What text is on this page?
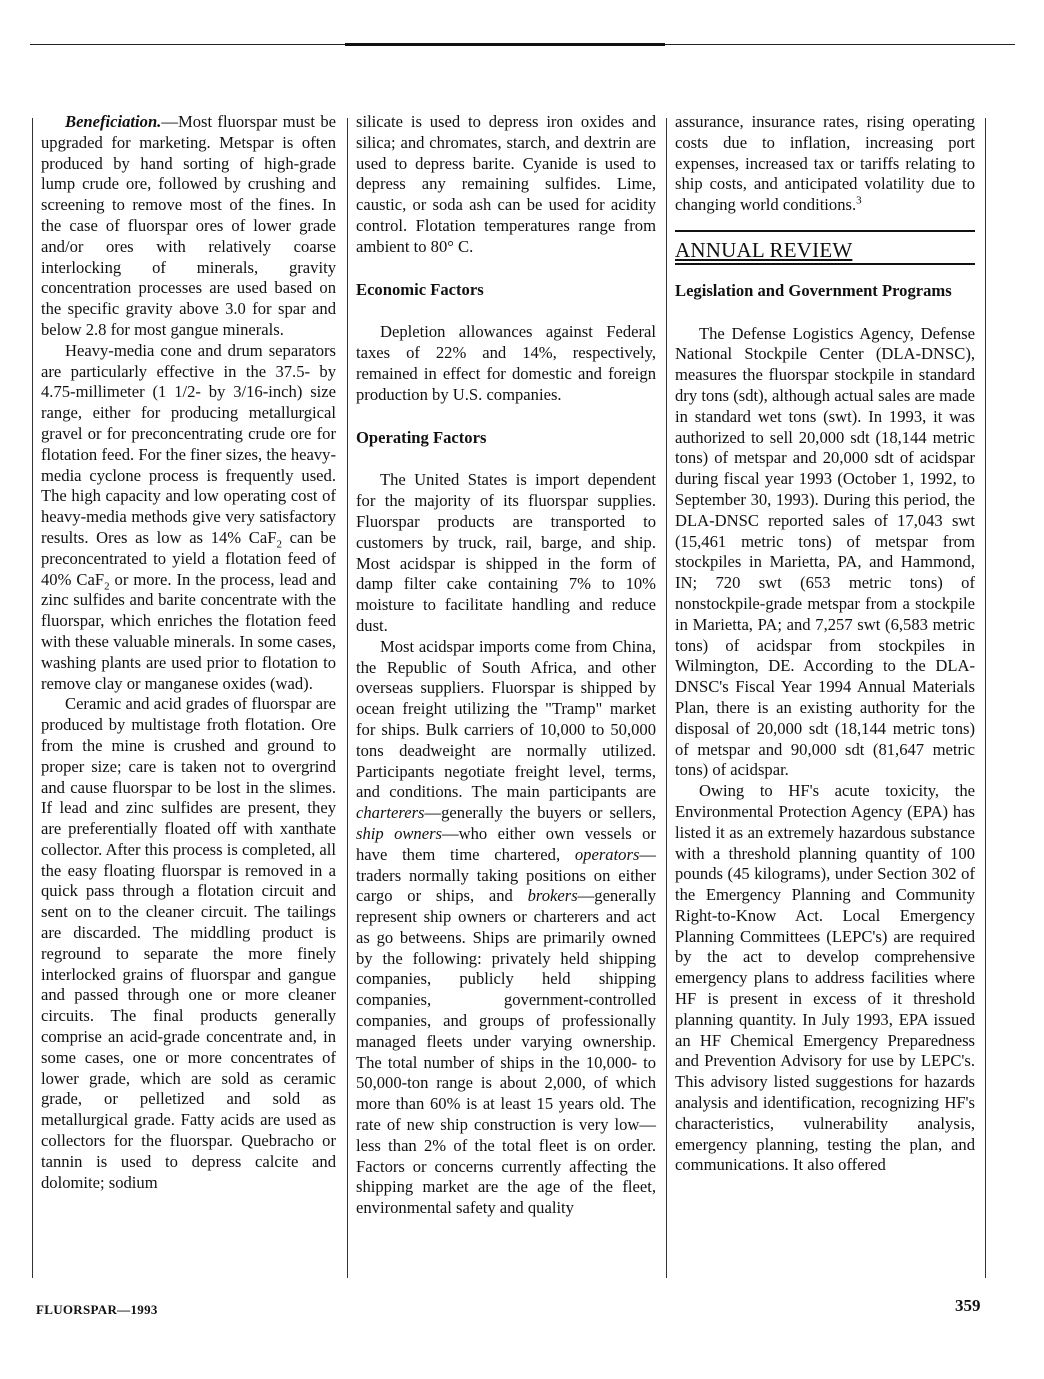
Beneficiation.—Most fluorspar must be upgraded for marketing. Metspar is often produced by hand sorting of high-grade lump crude ore, followed by crushing and screening to remove most of the fines. In the case of fluorspar ores of lower grade and/or ores with relatively coarse interlocking of minerals, gravity concentration processes are used based on the specific gravity above 3.0 for spar and below 2.8 for most gangue minerals.

Heavy-media cone and drum separators are particularly effective in the 37.5- by 4.75-millimeter (1 1/2- by 3/16-inch) size range, either for producing metallurgical gravel or for preconcentrating crude ore for flotation feed. For the finer sizes, the heavy-media cyclone process is frequently used. The high capacity and low operating cost of heavy-media methods give very satisfactory results. Ores as low as 14% CaF$_2$ can be preconcentrated to yield a flotation feed of 40% CaF$_2$ or more. In the process, lead and zinc sulfides and barite concentrate with the fluorspar, which enriches the flotation feed with these valuable minerals. In some cases, washing plants are used prior to flotation to remove clay or manganese oxides (wad).

Ceramic and acid grades of fluorspar are produced by multistage froth flotation. Ore from the mine is crushed and ground to proper size; care is taken not to overgrind and cause fluorspar to be lost in the slimes. If lead and zinc sulfides are present, they are preferentially floated off with xanthate collector. After this process is completed, all the easy floating fluorspar is removed in a quick pass through a flotation circuit and sent on to the cleaner circuit. The tailings are discarded. The middling product is reground to separate the more finely interlocked grains of fluorspar and gangue and passed through one or more cleaner circuits. The final products generally comprise an acid-grade concentrate and, in some cases, one or more concentrates of lower grade, which are sold as ceramic grade, or pelletized and sold as metallurgical grade. Fatty acids are used as collectors for the fluorspar. Quebracho or tannin is used to depress calcite and dolomite; sodium

silicate is used to depress iron oxides and silica; and chromates, starch, and dextrin are used to depress barite. Cyanide is used to depress any remaining sulfides. Lime, caustic, or soda ash can be used for acidity control. Flotation temperatures range from ambient to 80° C.

Economic Factors

Depletion allowances against Federal taxes of 22% and 14%, respectively, remained in effect for domestic and foreign production by U.S. companies.

Operating Factors

The United States is import dependent for the majority of its fluorspar supplies. Fluorspar products are transported to customers by truck, rail, barge, and ship. Most acidspar is shipped in the form of damp filter cake containing 7% to 10% moisture to facilitate handling and reduce dust.

Most acidspar imports come from China, the Republic of South Africa, and other overseas suppliers. Fluorspar is shipped by ocean freight utilizing the "Tramp" market for ships. Bulk carriers of 10,000 to 50,000 tons deadweight are normally utilized. Participants negotiate freight level, terms, and conditions. The main participants are charterers—generally the buyers or sellers, ship owners—who either own vessels or have them time chartered, operators—traders normally taking positions on either cargo or ships, and brokers—generally represent ship owners or charterers and act as go betweens. Ships are primarily owned by the following: privately held shipping companies, publicly held shipping companies, government-controlled companies, and groups of professionally managed fleets under varying ownership. The total number of ships in the 10,000- to 50,000-ton range is about 2,000, of which more than 60% is at least 15 years old. The rate of new ship construction is very low—less than 2% of the total fleet is on order. Factors or concerns currently affecting the shipping market are the age of the fleet, environmental safety and quality

assurance, insurance rates, rising operating costs due to inflation, increasing port expenses, increased tax or tariffs relating to ship costs, and anticipated volatility due to changing world conditions.$^3$

ANNUAL REVIEW
Legislation and Government Programs

The Defense Logistics Agency, Defense National Stockpile Center (DLA-DNSC), measures the fluorspar stockpile in standard dry tons (sdt), although actual sales are made in standard wet tons (swt). In 1993, it was authorized to sell 20,000 sdt (18,144 metric tons) of metspar and 20,000 sdt of acidspar during fiscal year 1993 (October 1, 1992, to September 30, 1993). During this period, the DLA-DNSC reported sales of 17,043 swt (15,461 metric tons) of metspar from stockpiles in Marietta, PA, and Hammond, IN; 720 swt (653 metric tons) of nonstockpile-grade metspar from a stockpile in Marietta, PA; and 7,257 swt (6,583 metric tons) of acidspar from stockpiles in Wilmington, DE. According to the DLA-DNSC's Fiscal Year 1994 Annual Materials Plan, there is an existing authority for the disposal of 20,000 sdt (18,144 metric tons) of metspar and 90,000 sdt (81,647 metric tons) of acidspar.

Owing to HF's acute toxicity, the Environmental Protection Agency (EPA) has listed it as an extremely hazardous substance with a threshold planning quantity of 100 pounds (45 kilograms), under Section 302 of the Emergency Planning and Community Right-to-Know Act. Local Emergency Planning Committees (LEPC's) are required by the act to develop comprehensive emergency plans to address facilities where HF is present in excess of it threshold planning quantity. In July 1993, EPA issued an HF Chemical Emergency Preparedness and Prevention Advisory for use by LEPC's. This advisory listed suggestions for hazards analysis and identification, recognizing HF's characteristics, vulnerability analysis, emergency planning, testing the plan, and communications. It also offered

FLUORSPAR—1993	359
